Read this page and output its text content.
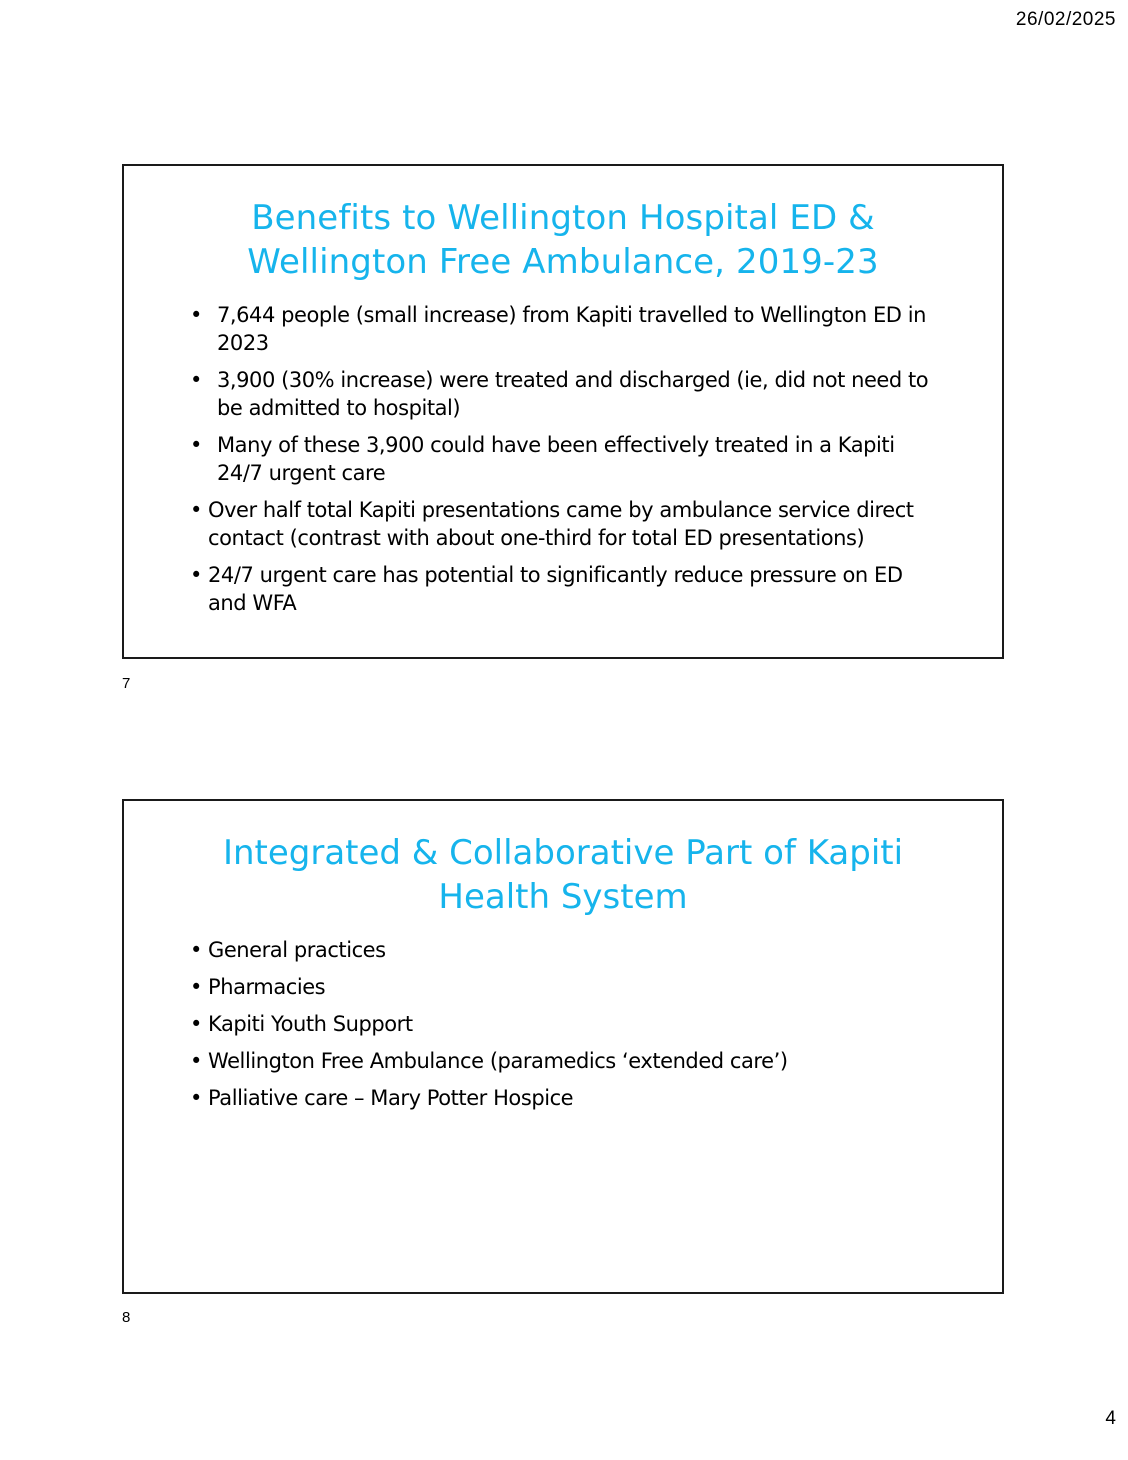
26/02/2025
Benefits to Wellington Hospital ED &
Wellington Free Ambulance, 2019-23
• 7,644 people (small increase) from Kapiti travelled to Wellington ED in 2023
• 3,900 (30% increase) were treated and discharged (ie, did not need to be admitted to hospital)
• Many of these 3,900 could have been effectively treated in a Kapiti 24/7 urgent care
• Over half total Kapiti presentations came by ambulance service direct contact (contrast with about one-third for total ED presentations)
• 24/7 urgent care has potential to significantly reduce pressure on ED and WFA
7
Integrated & Collaborative Part of Kapiti
Health System
• General practices
• Pharmacies
• Kapiti Youth Support
• Wellington Free Ambulance (paramedics ‘extended care’)
• Palliative care – Mary Potter Hospice
8
4
